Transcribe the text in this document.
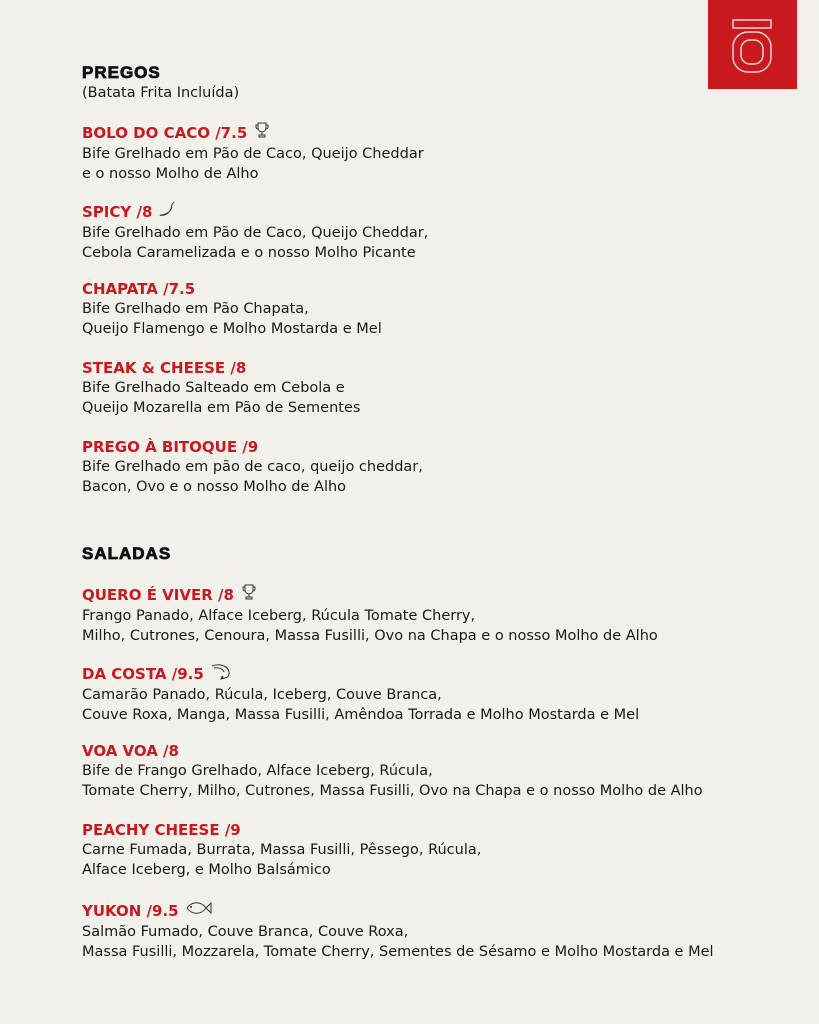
PREGOS
(Batata Frita Incluída)
BOLO DO CACO /7.5
Bife Grelhado em Pão de Caco, Queijo Cheddar
e o nosso Molho de Alho
SPICY /8
Bife Grelhado em Pão de Caco, Queijo Cheddar,
Cebola Caramelizada e o nosso Molho Picante
CHAPATA /7.5
Bife Grelhado em Pão Chapata,
Queijo Flamengo e Molho Mostarda e Mel
STEAK & CHEESE /8
Bife Grelhado Salteado em Cebola e
Queijo Mozarella em Pão de Sementes
PREGO À BITOQUE /9
Bife Grelhado em pão de caco, queijo cheddar,
Bacon, Ovo e o nosso Molho de Alho
SALADAS
QUERO É VIVER /8
Frango Panado, Alface Iceberg, Rúcula Tomate Cherry,
Milho, Cutrones, Cenoura, Massa Fusilli, Ovo na Chapa e o nosso Molho de Alho
DA COSTA /9.5
Camarão Panado, Rúcula, Iceberg, Couve Branca,
Couve Roxa, Manga, Massa Fusilli, Amêndoa Torrada e Molho Mostarda e Mel
VOA VOA /8
Bife de Frango Grelhado, Alface Iceberg, Rúcula,
Tomate Cherry, Milho, Cutrones, Massa Fusilli, Ovo na Chapa e o nosso Molho de Alho
PEACHY CHEESE /9
Carne Fumada, Burrata, Massa Fusilli, Pêssego, Rúcula,
Alface Iceberg, e Molho Balsámico
YUKON /9.5
Salmão Fumado, Couve Branca, Couve Roxa,
Massa Fusilli, Mozzarela, Tomate Cherry, Sementes de Sésamo e Molho Mostarda e Mel
